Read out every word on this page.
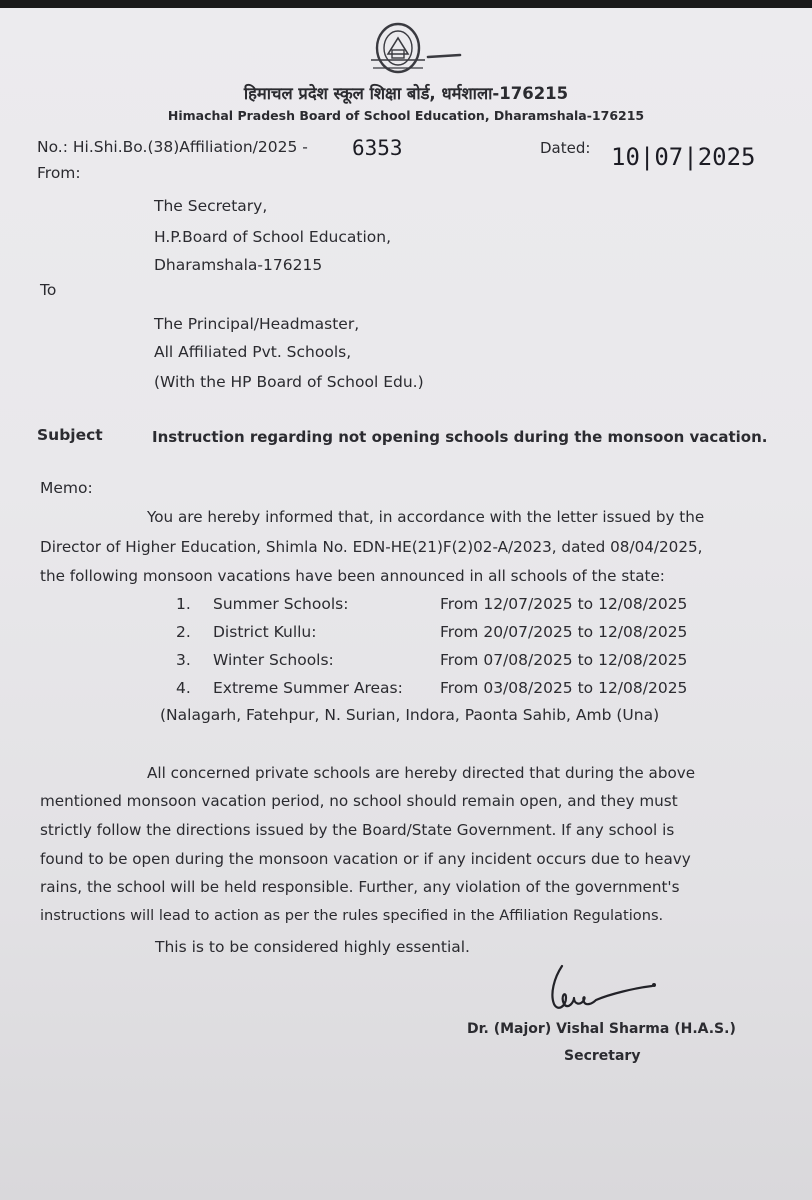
हिमाचल प्रदेश स्कूल शिक्षा बोर्ड, धर्मशाला-176215
Himachal Pradesh Board of School Education, Dharamshala-176215
No.: Hi.Shi.Bo.(38)Affiliation/2025 - 6353	Dated: 10|07|2025
From:
The Secretary,
H.P.Board of School Education,
Dharamshala-176215
To
The Principal/Headmaster,
All Affiliated Pvt. Schools,
(With the HP Board of School Edu.)
Subject	Instruction regarding not opening schools during the monsoon vacation.
Memo:
You are hereby informed that, in accordance with the letter issued by the
Director of Higher Education, Shimla No. EDN-HE(21)F(2)02-A/2023, dated 08/04/2025,
the following monsoon vacations have been announced in all schools of the state:
1. Summer Schools:	From 12/07/2025 to 12/08/2025
2. District Kullu:	From 20/07/2025 to 12/08/2025
3. Winter Schools:	From 07/08/2025 to 12/08/2025
4. Extreme Summer Areas: From 03/08/2025 to 12/08/2025
(Nalagarh, Fatehpur, N. Surian, Indora, Paonta Sahib, Amb (Una)
All concerned private schools are hereby directed that during the above
mentioned monsoon vacation period, no school should remain open, and they must
strictly follow the directions issued by the Board/State Government. If any school is
found to be open during the monsoon vacation or if any incident occurs due to heavy
rains, the school will be held responsible. Further, any violation of the government's
instructions will lead to action as per the rules specified in the Affiliation Regulations.
This is to be considered highly essential.
Dr. (Major) Vishal Sharma (H.A.S.)
Secretary
